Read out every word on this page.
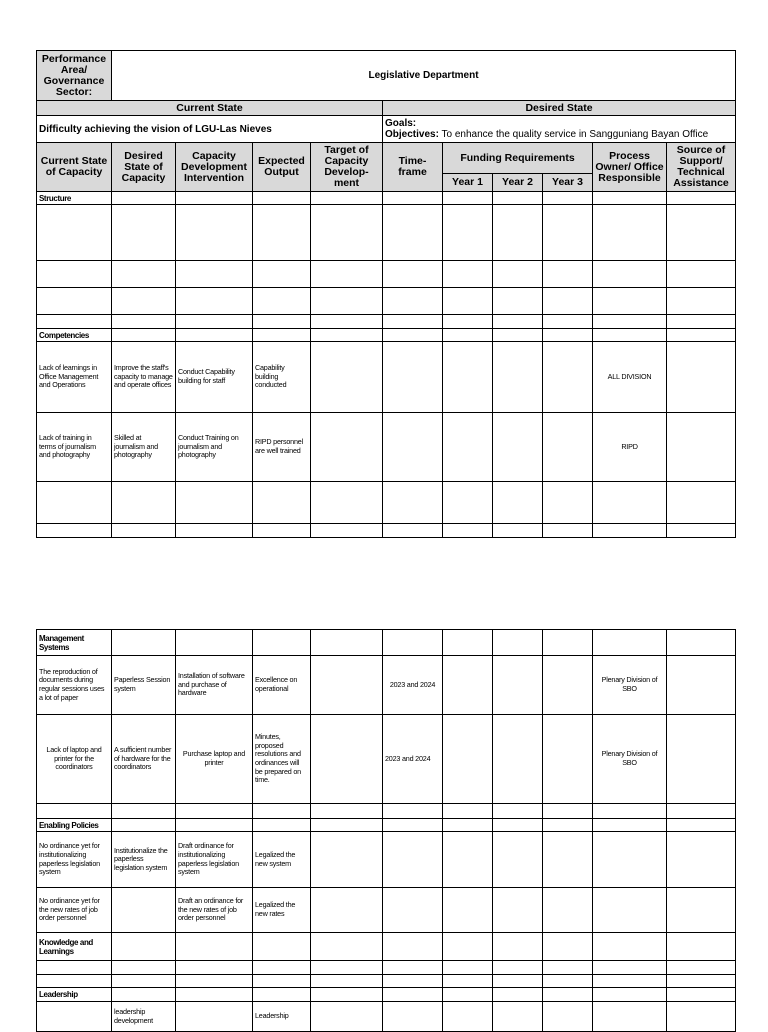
Performance Area/ Governance Sector:	Legislative Department									
Current State					Desired State					
Difficulty achieving the vision of LGU-Las Nieves					Goals:
Objectives: To enhance the quality service in Sangguniang Bayan Office					
Current State of Capacity	Desired State of Capacity	Capacity Development Intervention	Expected Output	Target of Capacity Develop-ment	Time-frame	Funding Requirements			Process Owner/ Office Responsible	Source of Support/ Technical Assistance
						Year 1	Year 2	Year 3		
Structure										

Competencies										
Lack of learnings in Office Management and Operations	Improve the staff's capacity to manage and operate offices	Conduct Capability building for staff	Capability building conducted						ALL DIVISION	
Lack of training in terms of journalism and photography	Skilled at journalism and photography	Conduct Training on journalism and photography	RIPD personnel are well trained						RIPD	

Management Systems										
The reproduction of documents during regular sessions uses a lot of paper	Paperless Session system	Installation of software and purchase of hardware	Excellence on operational		2023 and 2024				Plenary Division of SBO	
Lack of laptop and printer for the coordinators	A sufficient number of hardware for the coordinators	Purchase laptop and printer	Minutes, proposed resolutions and ordinances will be prepared on time.		2023 and 2024				Plenary Division of SBO	

Enabling Policies										
No ordinance yet for institutionalizing paperless legislation system	Institutionalize the paperless legislation system	Draft ordinance for institutionalizing paperless legislation system	Legalized the new system							
No ordinance yet for the new rates of job order personnel		Draft an ordinance for the new rates of job order personnel	Legalized the new rates							
Knowledge and Learnings										

Leadership										
	leadership development		Leadership							
